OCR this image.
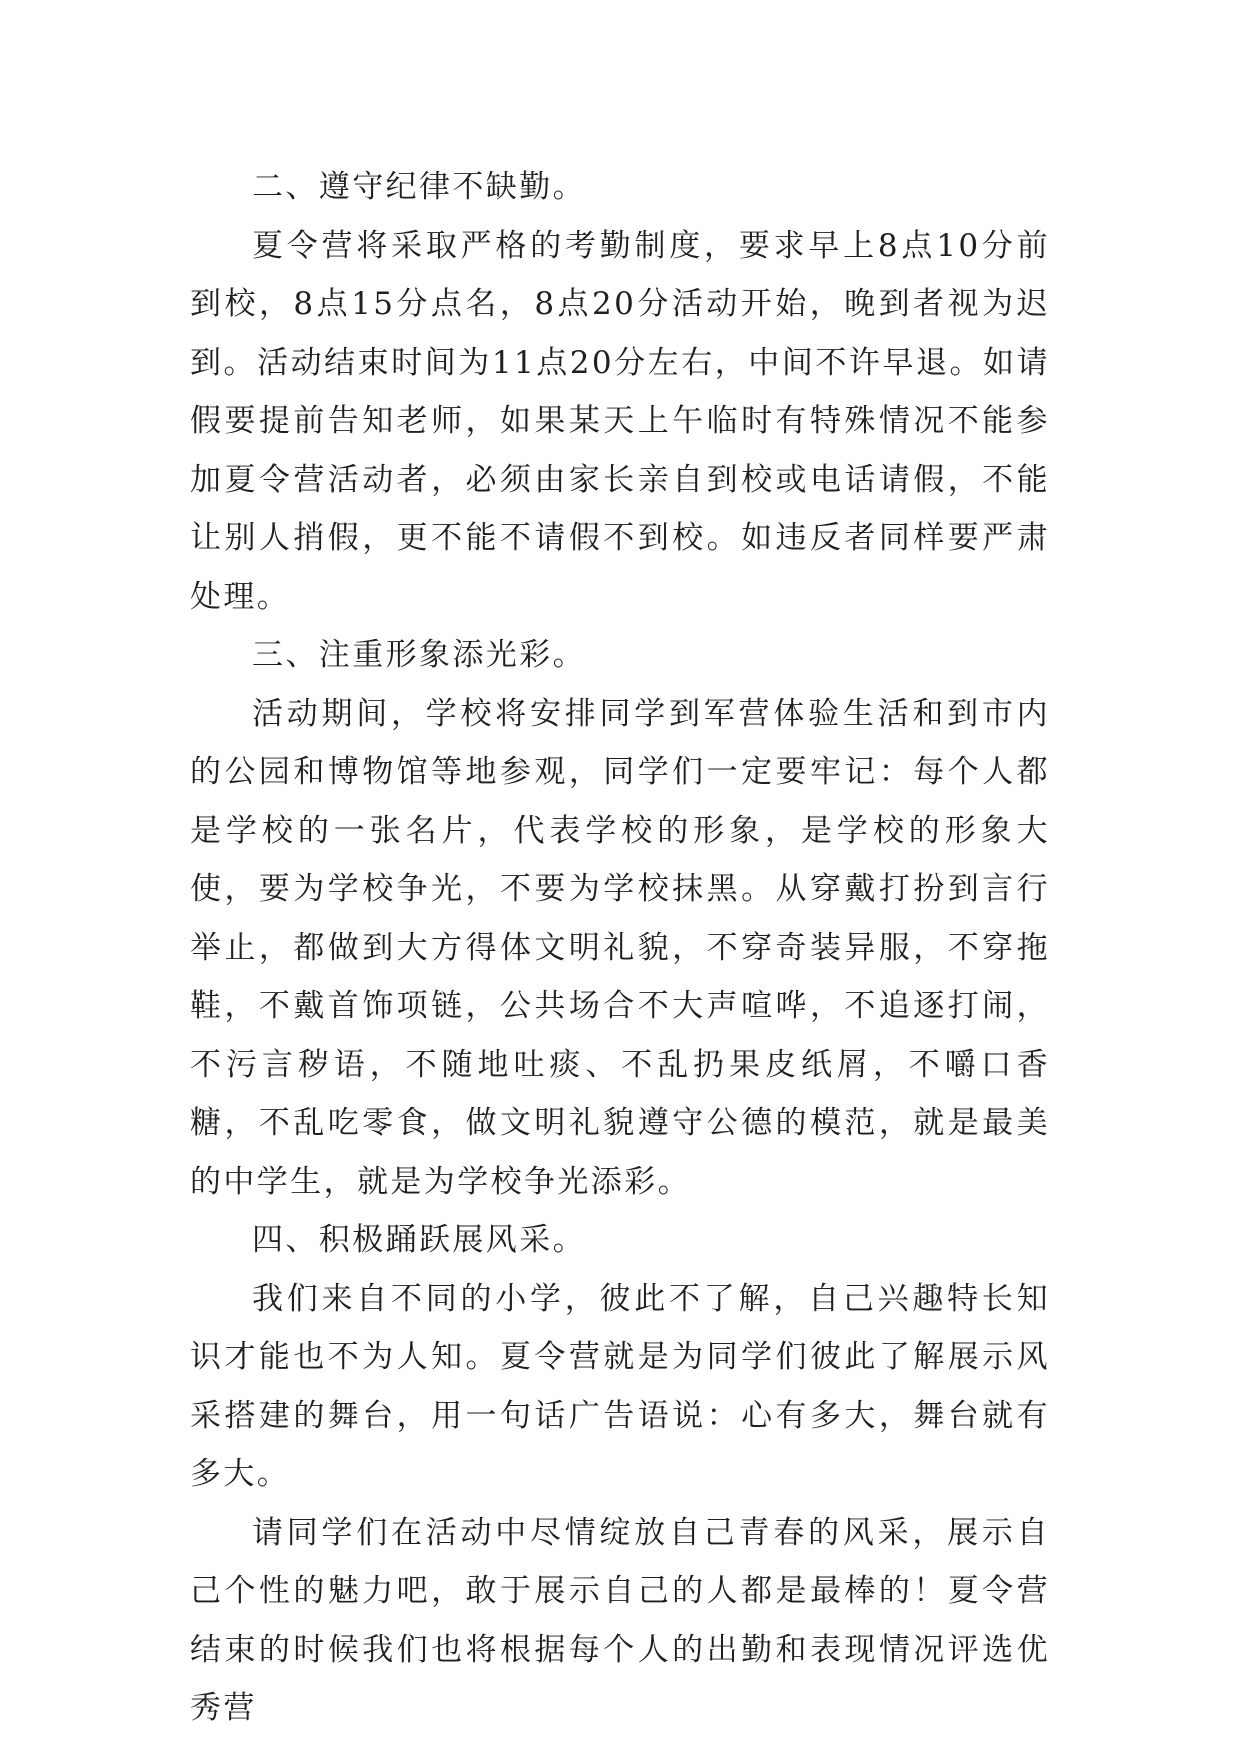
二、遵守纪律不缺勤。

夏令营将采取严格的考勤制度，要求早上8点10分前到校，8点15分点名，8点20分活动开始，晚到者视为迟到。活动结束时间为11点20分左右，中间不许早退。如请假要提前告知老师，如果某天上午临时有特殊情况不能参加夏令营活动者，必须由家长亲自到校或电话请假，不能让别人捎假，更不能不请假不到校。如违反者同样要严肃处理。

三、注重形象添光彩。

活动期间，学校将安排同学到军营体验生活和到市内的公园和博物馆等地参观，同学们一定要牢记：每个人都是学校的一张名片，代表学校的形象，是学校的形象大使，要为学校争光，不要为学校抹黑。从穿戴打扮到言行举止，都做到大方得体文明礼貌，不穿奇装异服，不穿拖鞋，不戴首饰项链，公共场合不大声喧哗，不追逐打闹，不污言秽语，不随地吐痰、不乱扔果皮纸屑，不嚼口香糖，不乱吃零食，做文明礼貌遵守公德的模范，就是最美的中学生，就是为学校争光添彩。

四、积极踊跃展风采。

我们来自不同的小学，彼此不了解，自己兴趣特长知识才能也不为人知。夏令营就是为同学们彼此了解展示风采搭建的舞台，用一句话广告语说：心有多大，舞台就有多大。

请同学们在活动中尽情绽放自己青春的风采，展示自己个性的魅力吧，敢于展示自己的人都是最棒的！夏令营结束的时候我们也将根据每个人的出勤和表现情况评选优秀营
